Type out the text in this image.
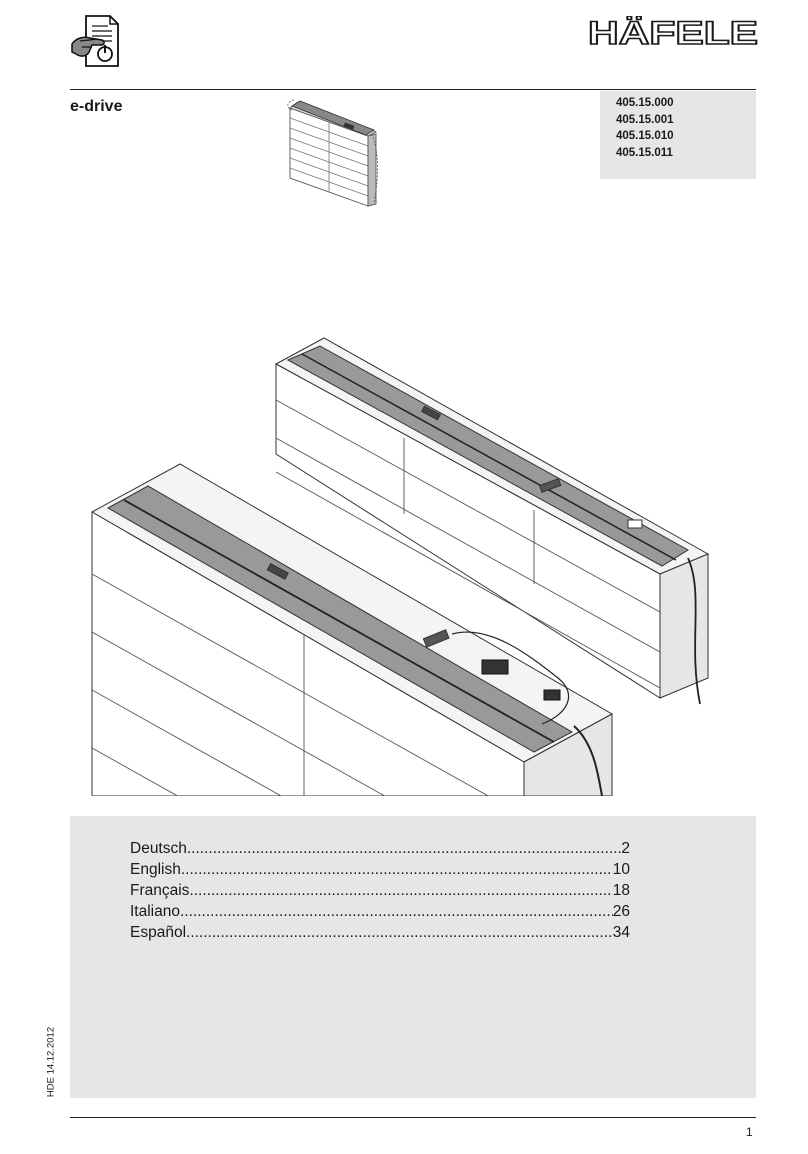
HÄFELE
e-drive	405.15.000
405.15.001
405.15.010
405.15.011
Deutsch .....	2
English .....	10
Français .....	18
Italiano .....	26
Español .....	34
HDE 14.12.2012
1
